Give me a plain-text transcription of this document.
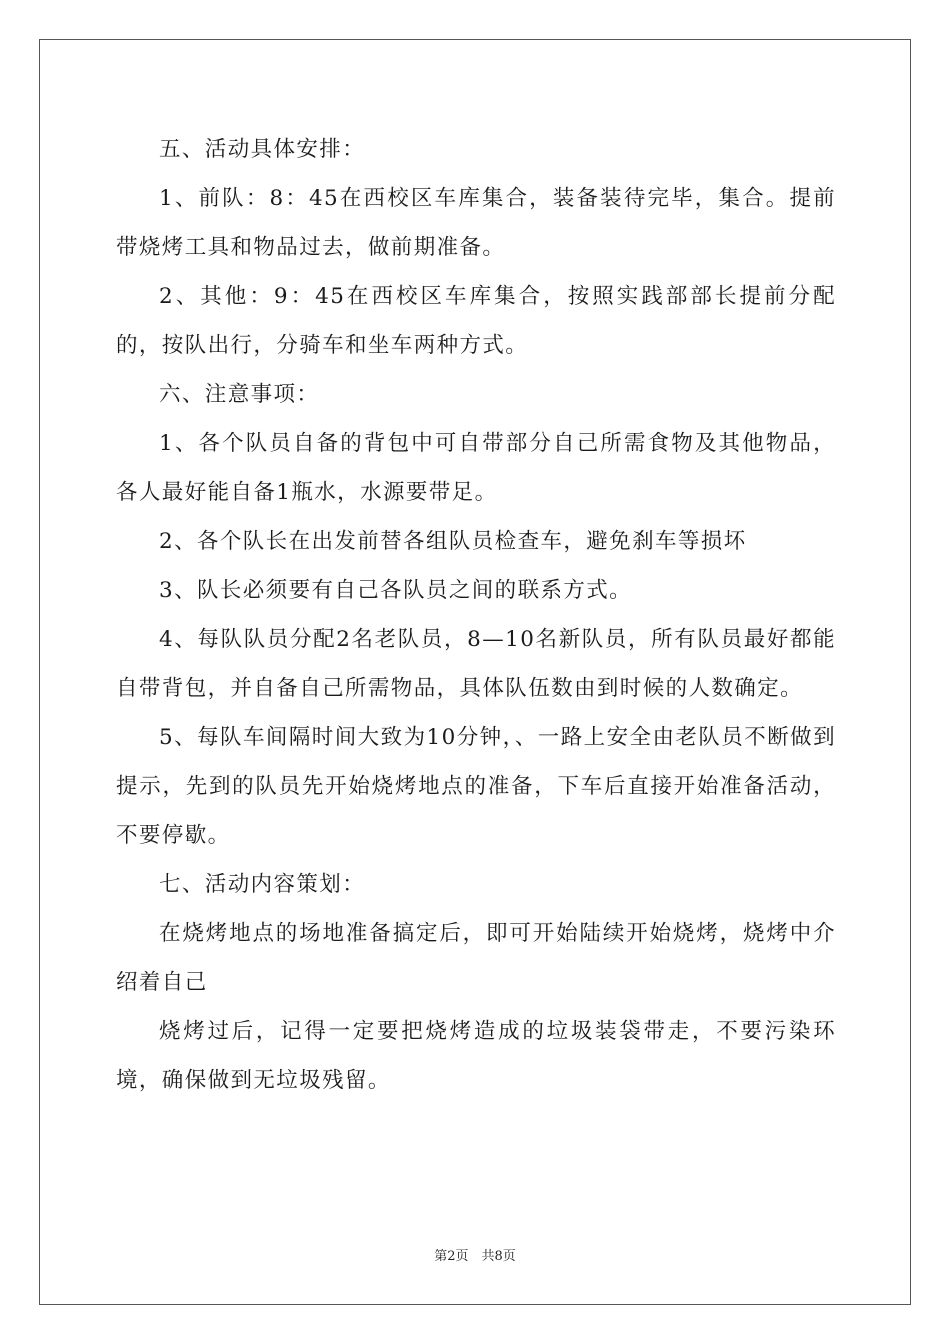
五、活动具体安排：

1、前队：8：45在西校区车库集合，装备装待完毕，集合。提前带烧烤工具和物品过去，做前期准备。

2、其他：9：45在西校区车库集合，按照实践部部长提前分配的，按队出行，分骑车和坐车两种方式。

六、注意事项：

1、各个队员自备的背包中可自带部分自己所需食物及其他物品，各人最好能自备1瓶水，水源要带足。

2、各个队长在出发前替各组队员检查车，避免刹车等损坏

3、队长必须要有自己各队员之间的联系方式。

4、每队队员分配2名老队员，8—10名新队员，所有队员最好都能自带背包，并自备自己所需物品，具体队伍数由到时候的人数确定。

5、每队车间隔时间大致为10分钟，、一路上安全由老队员不断做到提示，先到的队员先开始烧烤地点的准备，下车后直接开始准备活动，不要停歇。

七、活动内容策划：

在烧烤地点的场地准备搞定后，即可开始陆续开始烧烤，烧烤中介绍着自己

烧烤过后，记得一定要把烧烤造成的垃圾装袋带走，不要污染环境，确保做到无垃圾残留。

第2页　共8页
